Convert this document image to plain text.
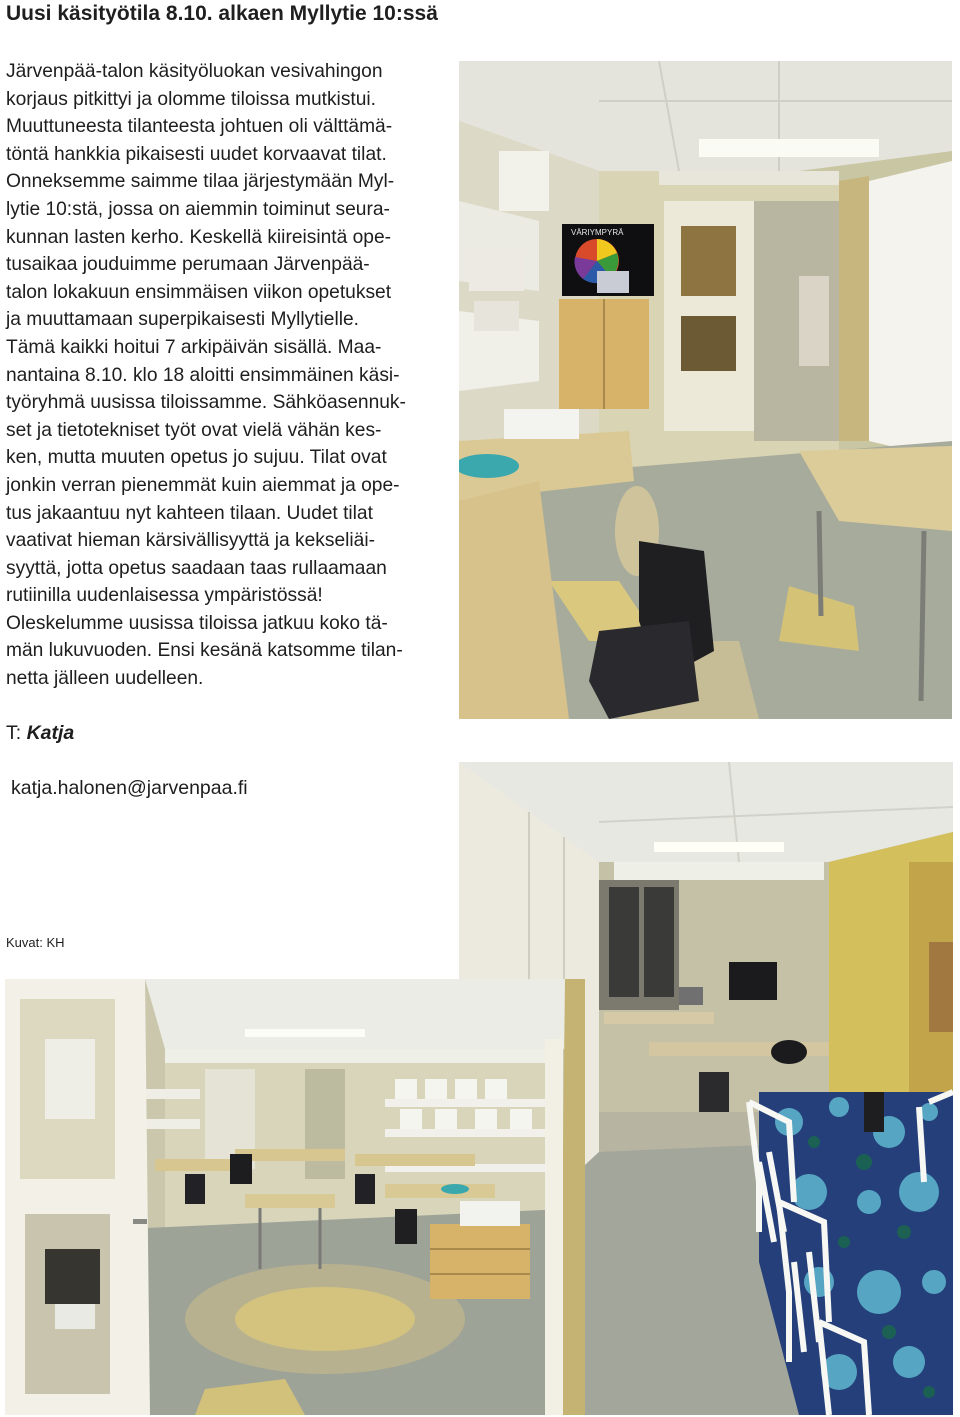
Uusi käsityötila 8.10. alkaen Myllytie 10:ssä
Järvenpää-talon käsityöluokan vesivahingon
korjaus pitkittyi ja olomme tiloissa mutkistui.
Muuttuneesta tilanteesta johtuen oli välttämä-
töntä hankkia pikaisesti uudet korvaavat tilat.
Onneksemme saimme tilaa järjestymään Myl-
lytie 10:stä, jossa on aiemmin toiminut seura-
kunnan lasten kerho. Keskellä kiireisintä ope-
tusaikaa jouduimme perumaan Järvenpää-
talon lokakuun ensimmäisen viikon opetukset
ja muuttamaan superpikaisesti Myllytielle.
Tämä kaikki hoitui 7 arkipäivän sisällä. Maa-
nantaina 8.10. klo 18 aloitti ensimmäinen käsi-
työryhmä uusissa tiloissamme. Sähköasennuk-
set ja tietotekniset työt ovat vielä vähän kes-
ken, mutta muuten opetus jo sujuu. Tilat ovat
jonkin verran pienemmät kuin aiemmat ja ope-
tus jakaantuu nyt kahteen tilaan. Uudet tilat
vaativat hieman kärsivällisyyttä ja kekseliäi-
syyttä, jotta opetus saadaan taas rullaamaan
rutiinilla uudenlaisessa ympäristössä!
Oleskelumme uusissa tiloissa jatkuu koko tä-
män lukuvuoden. Ensi kesänä katsomme tilan-
netta jälleen uudelleen.
T: Katja
katja.halonen@jarvenpaa.fi
Kuvat: KH
VÄRIYMPYRÄ
